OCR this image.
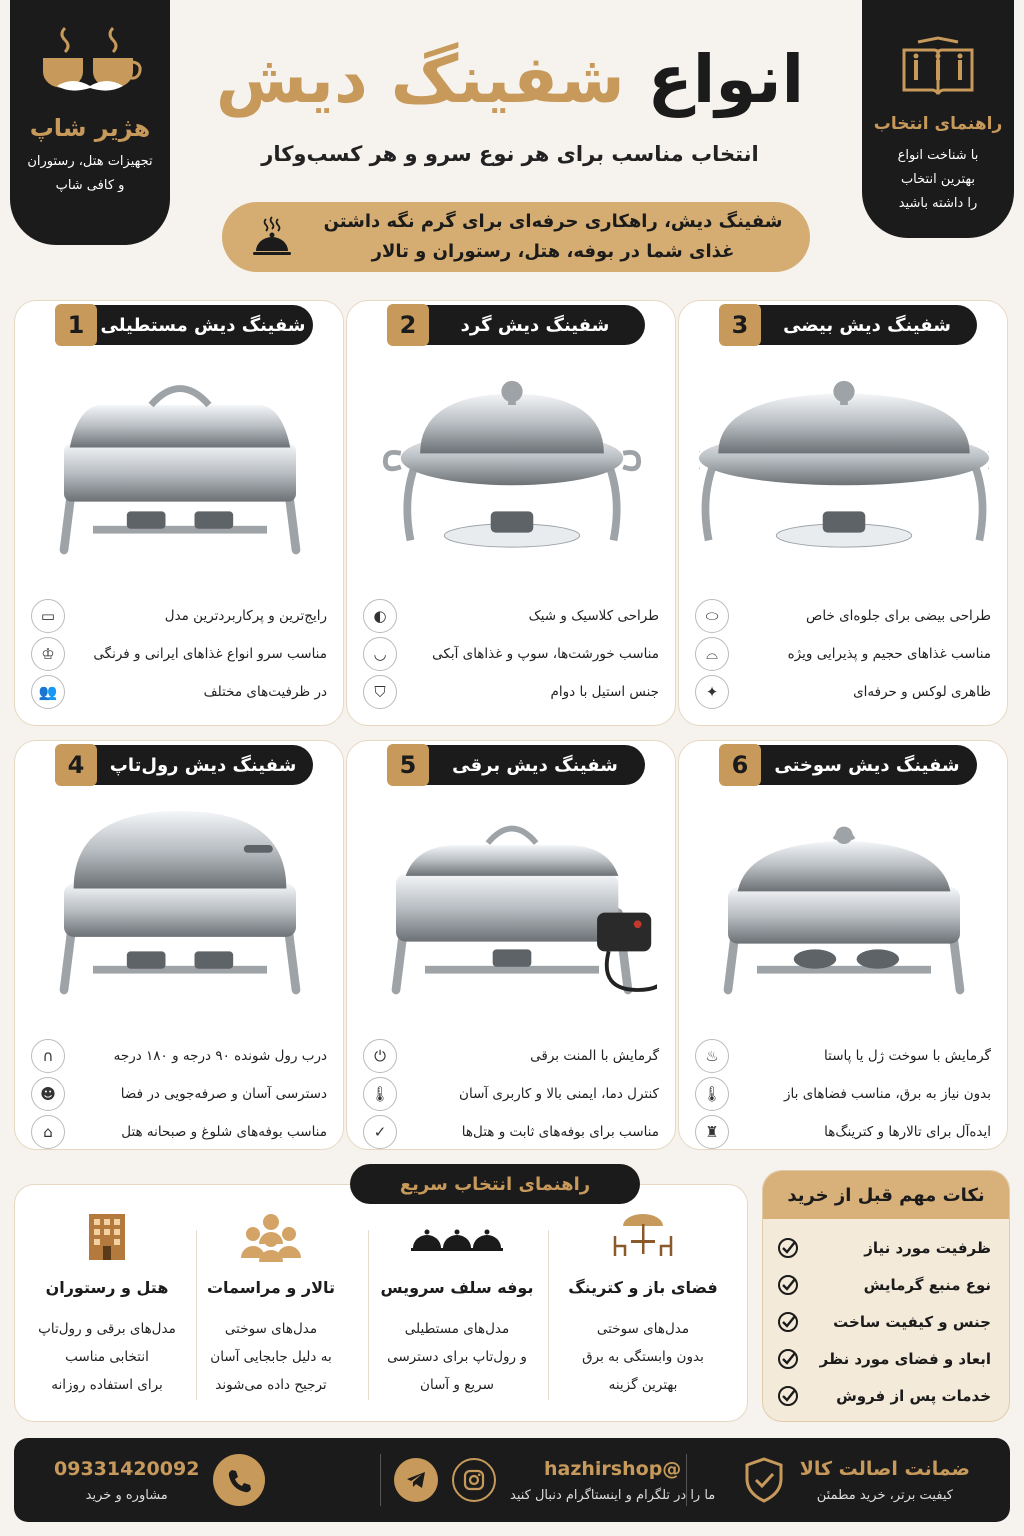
هژیر شاپ
تجهیزات هتل، رستوران
و کافی شاپ
راهنمای انتخاب
با شناخت انواع
بهترین انتخاب
را داشته باشید
انواع شفینگ دیش
انتخاب مناسب برای هر نوع سرو و هر کسب‌وکار
شفینگ دیش، راهکاری حرفه‌ای برای گرم نگه داشتن
غذای شما در بوفه، هتل، رستوران و تالار
شفینگ دیش مستطیلی
1
رایج‌ترین و پرکاربردترین مدل
▭
مناسب سرو انواع غذاهای ایرانی و فرنگی
♔
در ظرفیت‌های مختلف
👥
شفینگ دیش گرد
2
طراحی کلاسیک و شیک
◐
مناسب خورشت‌ها، سوپ و غذاهای آبکی
◡
جنس استیل با دوام
⛉
شفینگ دیش بیضی
3
طراحی بیضی برای جلوه‌ای خاص
⬭
مناسب غذاهای حجیم و پذیرایی ویژه
⌓
ظاهری لوکس و حرفه‌ای
✦
شفینگ دیش رول‌تاپ
4
درب رول شونده ۹۰ درجه و ۱۸۰ درجه
∩
دسترسی آسان و صرفه‌جویی در فضا
☻
مناسب بوفه‌های شلوغ و صبحانه هتل
⌂
شفینگ دیش برقی
5
گرمایش با المنت برقی
⏻
کنترل دما، ایمنی بالا و کاربری آسان
🌡
مناسب برای بوفه‌های ثابت و هتل‌ها
✓
شفینگ دیش سوختی
6
گرمایش با سوخت ژل یا پاستا
♨
بدون نیاز به برق، مناسب فضاهای باز
🌡
ایده‌آل برای تالارها و کترینگ‌ها
♜
راهنمای انتخاب سریع
فضای باز و کترینگ
مدل‌های سوختی
بدون وابستگی به برق
بهترین گزینه
بوفه سلف سرویس
مدل‌های مستطیلی
و رول‌تاپ برای دسترسی
سریع و آسان
تالار و مراسمات
مدل‌های سوختی
به دلیل جابجایی آسان
ترجیح داده می‌شوند
هتل و رستوران
مدل‌های برقی و رول‌تاپ
انتخابی مناسب
برای استفاده روزانه
نکات مهم قبل از خرید
ظرفیت مورد نیاز
نوع منبع گرمایش
جنس و کیفیت ساخت
ابعاد و فضای مورد نظر
خدمات پس از فروش
ضمانت اصالت کالا
کیفیت برتر، خرید مطمئن
@hazhirshop
ما را در تلگرام و اینستاگرام دنبال کنید
09331420092
مشاوره و خرید
